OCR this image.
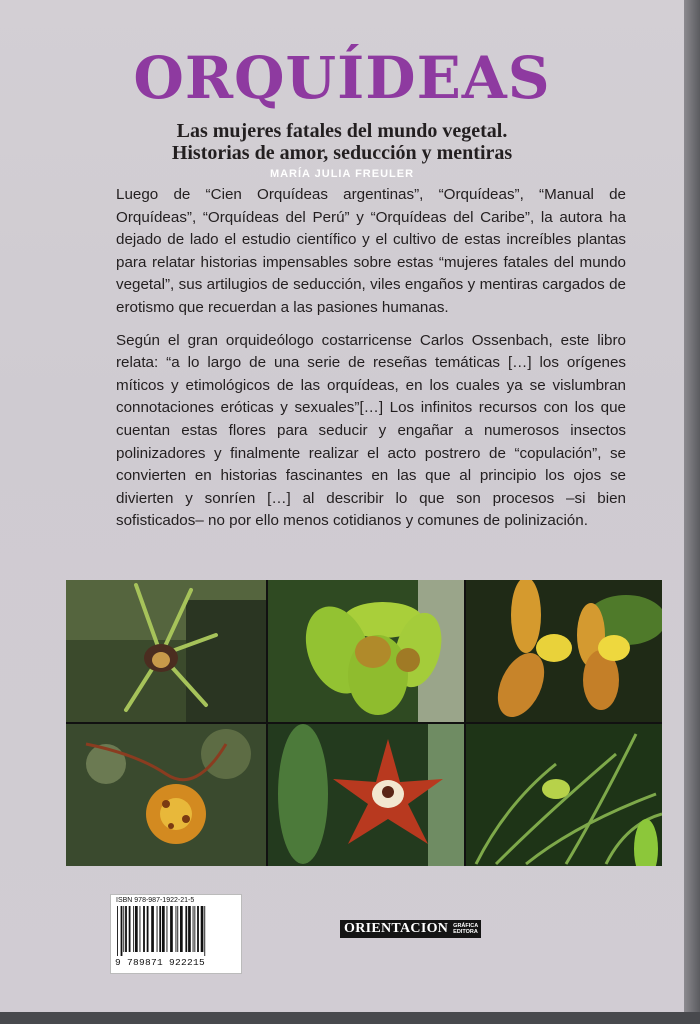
ORQUÍDEAS
Las mujeres fatales del mundo vegetal.
Historias de amor, seducción y mentiras
MARÍA JULIA FREULER

Luego de “Cien Orquídeas argentinas”, “Orquídeas”, “Manual de Orquídeas”, “Orquídeas del Perú” y “Orquídeas del Caribe”, la autora ha dejado de lado el estudio científico y el cultivo de estas increíbles plantas para relatar historias impensables sobre estas “mujeres fatales del mundo vegetal”, sus artilugios de seducción, viles engaños y mentiras cargados de erotismo que recuerdan a las pasiones humanas.

Según el gran orquideólogo costarricense Carlos Ossenbach, este libro relata: “a lo largo de una serie de reseñas temáticas […] los orígenes míticos y etimológicos de las orquídeas, en los cuales ya se vislumbran connotaciones eróticas y sexuales”[…] Los infinitos recursos con los que cuentan estas flores para seducir y engañar a numerosos insectos polinizadores y finalmente realizar el acto postrero de “copulación”, se convierten en historias fascinantes en las que al principio los ojos se divierten y sonríen […] al describir lo que son procesos –si bien sofisticados– no por ello menos cotidianos y comunes de polinización.

ISBN 978-987-1922-21-5
9 789871 922215
ORIENTACION GRÁFICA
EDITORA
